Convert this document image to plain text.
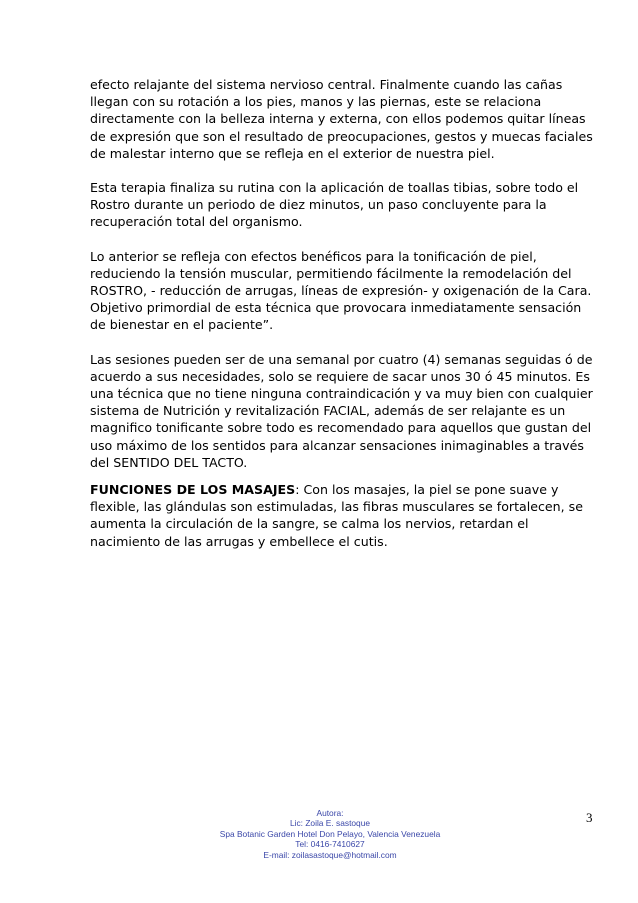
efecto relajante del sistema nervioso central. Finalmente cuando las cañas llegan con su rotación a los pies, manos y las piernas, este se relaciona directamente con la belleza interna y externa, con ellos podemos quitar líneas de expresión que son el resultado de preocupaciones, gestos y muecas faciales de malestar interno que se refleja en el exterior de nuestra piel.

Esta terapia finaliza su rutina con la aplicación de toallas tibias, sobre todo el Rostro durante un periodo de diez minutos, un paso concluyente para la recuperación total del organismo.

Lo anterior se refleja con efectos benéficos para la tonificación de piel, reduciendo la tensión muscular, permitiendo fácilmente la remodelación del ROSTRO, - reducción de arrugas, líneas de expresión- y oxigenación de la Cara. Objetivo primordial de esta técnica que provocara inmediatamente sensación de bienestar en el paciente”.

Las sesiones pueden ser de una semanal por cuatro (4) semanas seguidas ó de acuerdo a sus necesidades, solo se requiere de sacar unos 30 ó 45 minutos. Es una técnica que no tiene ninguna contraindicación y va muy bien con cualquier sistema de Nutrición y revitalización FACIAL, además de ser relajante es un magnifico tonificante sobre todo es recomendado para aquellos que gustan del uso máximo de los sentidos para alcanzar sensaciones inimaginables a través del SENTIDO DEL TACTO.

FUNCIONES DE LOS MASAJES: Con los masajes, la piel se pone suave y flexible, las glándulas son estimuladas, las fibras musculares se fortalecen, se aumenta la circulación de la sangre, se calma los nervios, retardan el nacimiento de las arrugas y embellece el cutis.

Autora:
Lic: Zoila E. sastoque
Spa Botanic Garden Hotel Don Pelayo, Valencia Venezuela
Tel: 0416-7410627
E-mail: zoilasastoque@hotmail.com
3
